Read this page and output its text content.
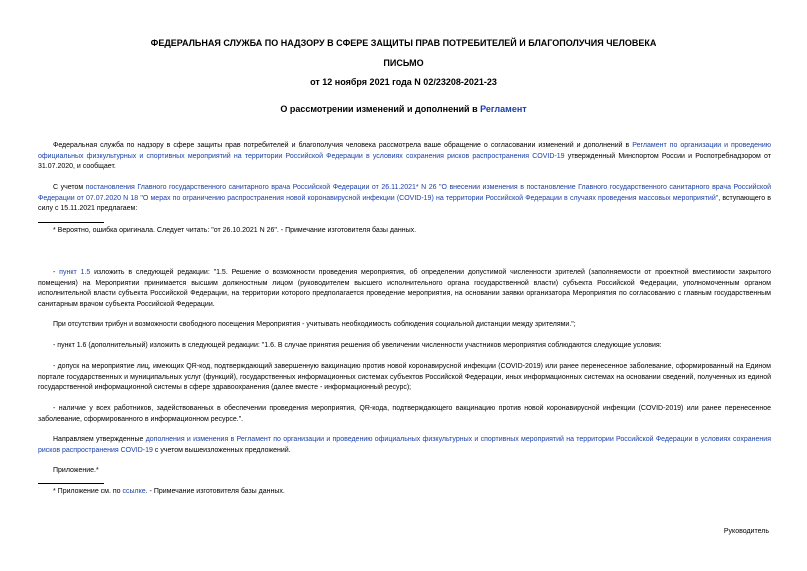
ФЕДЕРАЛЬНАЯ СЛУЖБА ПО НАДЗОРУ В СФЕРЕ ЗАЩИТЫ ПРАВ ПОТРЕБИТЕЛЕЙ И БЛАГОПОЛУЧИЯ ЧЕЛОВЕКА
ПИСЬМО
от 12 ноября 2021 года N 02/23208-2021-23
О рассмотрении изменений и дополнений в Регламент
Федеральная служба по надзору в сфере защиты прав потребителей и благополучия человека рассмотрела ваше обращение о согласовании изменений и дополнений в Регламент по организации и проведению официальных физкультурных и спортивных мероприятий на территории Российской Федерации в условиях сохранения рисков распространения COVID-19 утвержденный Минспортом России и Роспотребнадзором от 31.07.2020, и сообщает.
С учетом постановления Главного государственного санитарного врача Российской Федерации от 26.11.2021* N 26 "О внесении изменения в постановление Главного государственного санитарного врача Российской Федерации от 07.07.2020 N 18 "О мерах по ограничению распространения новой коронавирусной инфекции (COVID-19) на территории Российской Федерации в случаях проведения массовых мероприятий", вступающего в силу с 15.11.2021 предлагаем:
* Вероятно, ошибка оригинала. Следует читать: "от 26.10.2021 N 26". - Примечание изготовителя базы данных.
- пункт 1.5 изложить в следующей редакции: "1.5. Решение о возможности проведения мероприятия, об определении допустимой численности зрителей (заполняемости от проектной вместимости закрытого помещения) на Мероприятии принимается высшим должностным лицом (руководителем высшего исполнительного органа государственной власти) субъекта Российской Федерации, уполномоченным органом исполнительной власти субъекта Российской Федерации, на территории которого предполагается проведение мероприятия, на основании заявки организатора Мероприятия по согласованию с главным государственным санитарным врачом субъекта Российской Федерации.
При отсутствии трибун и возможности свободного посещения Мероприятия - учитывать необходимость соблюдения социальной дистанции между зрителями.";
- пункт 1.6 (дополнительный) изложить в следующей редакции: "1.6. В случае принятия решения об увеличении численности участников мероприятия соблюдаются следующие условия:
- допуск на мероприятие лиц, имеющих QR-код, подтверждающий завершенную вакцинацию против новой коронавирусной инфекции (COVID-2019) или ранее перенесенное заболевание, сформированный на Едином портале государственных и муниципальных услуг (функций), государственных информационных системах субъектов Российской Федерации, иных информационных системах на основании сведений, полученных из единой государственной информационной системы в сфере здравоохранения (далее вместе - информационный ресурс);
- наличие у всех работников, задействованных в обеспечении проведения мероприятия, QR-кода, подтверждающего вакцинацию против новой коронавирусной инфекции (COVID-2019) или ранее перенесенное заболевание, сформированного в информационном ресурсе.".
Направляем утвержденные дополнения и изменения в Регламент по организации и проведению официальных физкультурных и спортивных мероприятий на территории Российской Федерации в условиях сохранения рисков распространения COVID-19 с учетом вышеизложенных предложений.
Приложение.*
* Приложение см. по ссылке. - Примечание изготовителя базы данных.
Руководитель
